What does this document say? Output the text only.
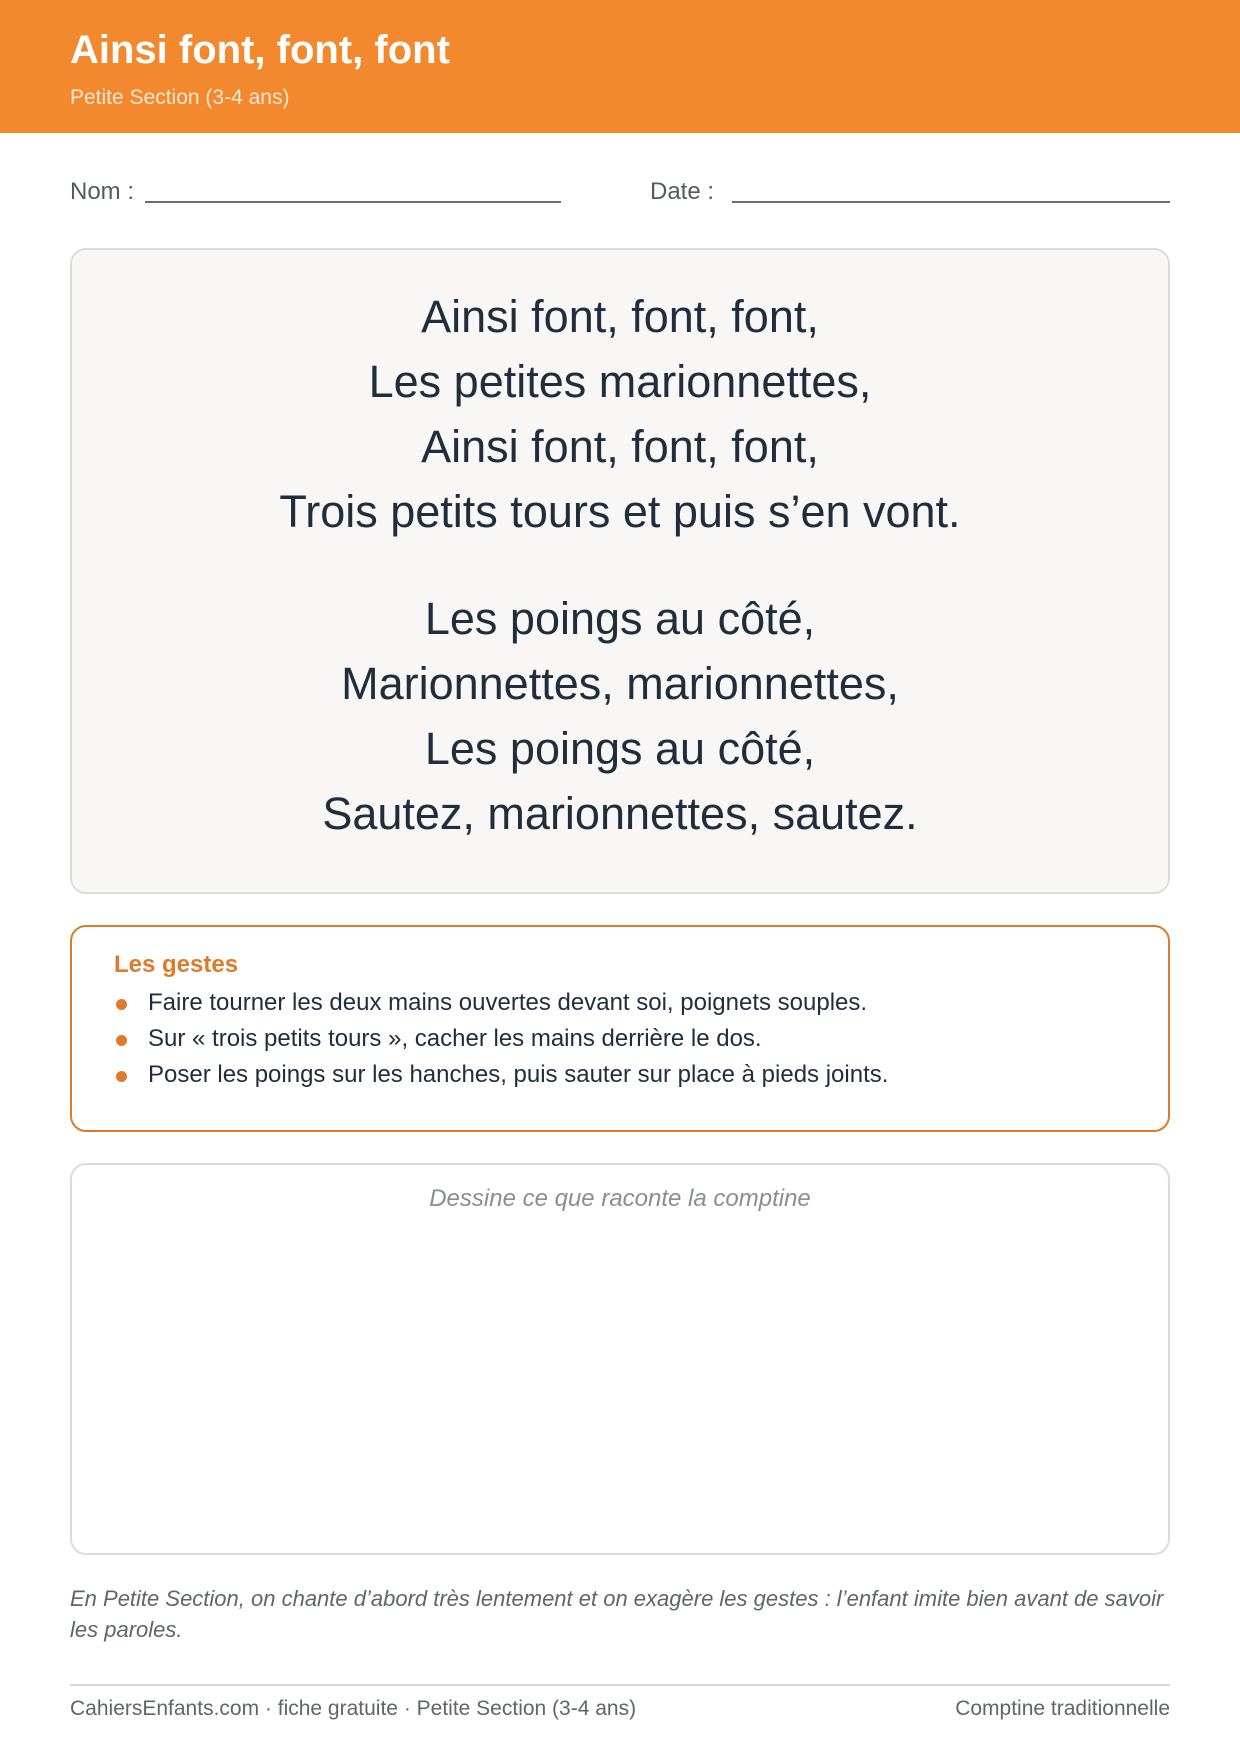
Ainsi font, font, font
Petite Section (3-4 ans)
Nom :	Date :
Ainsi font, font, font,
Les petites marionnettes,
Ainsi font, font, font,
Trois petits tours et puis s’en vont.
Les poings au côté,
Marionnettes, marionnettes,
Les poings au côté,
Sautez, marionnettes, sautez.
Les gestes
Faire tourner les deux mains ouvertes devant soi, poignets souples.
Sur « trois petits tours », cacher les mains derrière le dos.
Poser les poings sur les hanches, puis sauter sur place à pieds joints.
Dessine ce que raconte la comptine
En Petite Section, on chante d’abord très lentement et on exagère les gestes : l’enfant imite bien avant de savoir les paroles.
CahiersEnfants.com · fiche gratuite · Petite Section (3-4 ans)	Comptine traditionnelle
